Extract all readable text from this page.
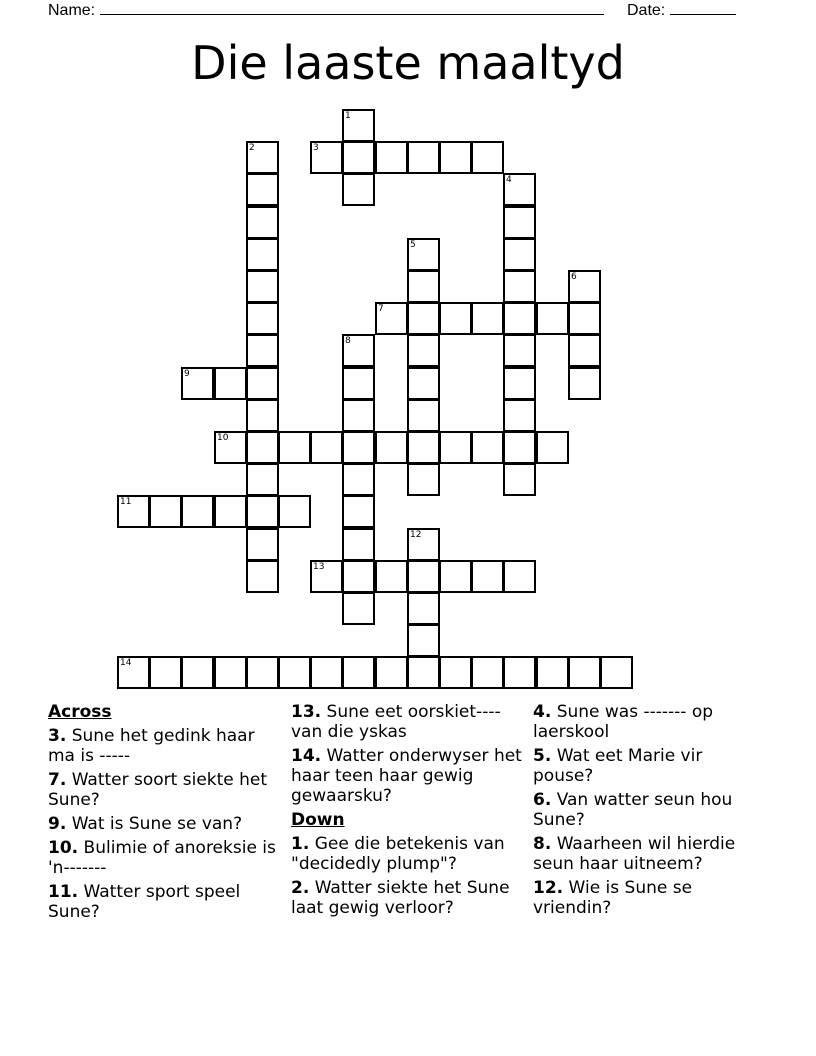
Name:	Date:
Die laaste maaltyd
1
2	3
4
5
6
7
8
9
10
11
12
13
14
Across
3. Sune het gedink haar ma is -----
7. Watter soort siekte het Sune?
9. Wat is Sune se van?
10. Bulimie of anoreksie is 'n-------
11. Watter sport speel Sune?
13. Sune eet oorskiet---- van die yskas
14. Watter onderwyser het haar teen haar gewig gewaarsku?
Down
1. Gee die betekenis van "decidedly plump"?
2. Watter siekte het Sune laat gewig verloor?
4. Sune was ------- op laerskool
5. Wat eet Marie vir pouse?
6. Van watter seun hou Sune?
8. Waarheen wil hierdie seun haar uitneem?
12. Wie is Sune se vriendin?
